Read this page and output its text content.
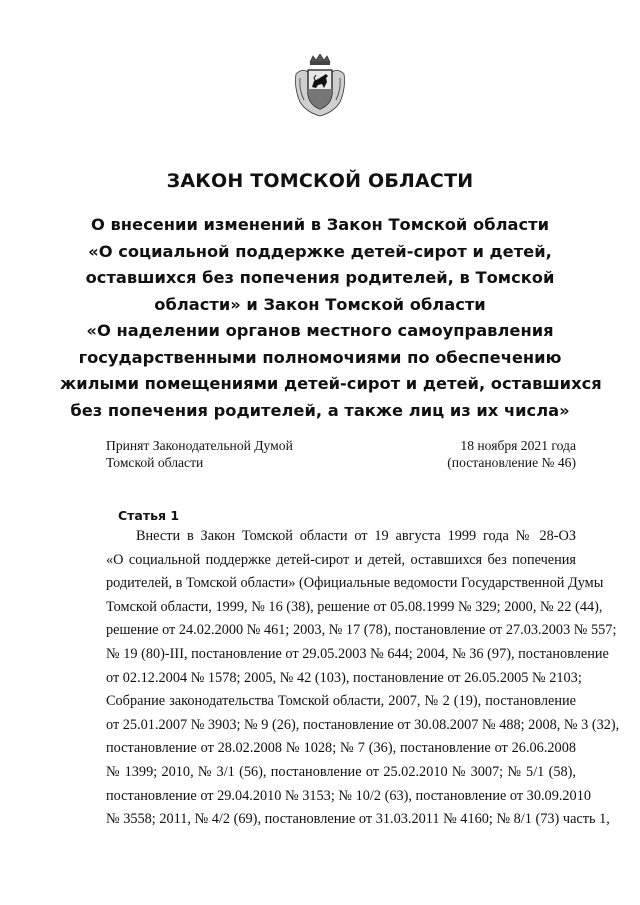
ЗАКОН ТОМСКОЙ ОБЛАСТИ
О внесении изменений в Закон Томской области
«О социальной поддержке детей-сирот и детей,
оставшихся без попечения родителей, в Томской
области» и Закон Томской области
«О наделении органов местного самоуправления
государственными полномочиями по обеспечению
жилыми помещениями детей-сирот и детей, оставшихся
без попечения родителей, а также лиц из их числа»
Принят Законодательной Думой
Томской области
18 ноября 2021 года
(постановление № 46)
Статья 1
Внести в Закон Томской области от 19 августа 1999 года № 28-ОЗ
«О социальной поддержке детей-сирот и детей, оставшихся без попечения
родителей, в Томской области» (Официальные ведомости Государственной Думы
Томской области, 1999, № 16 (38), решение от 05.08.1999 № 329; 2000, № 22 (44),
решение от 24.02.2000 № 461; 2003, № 17 (78), постановление от 27.03.2003 № 557;
№ 19 (80)-III, постановление от 29.05.2003 № 644; 2004, № 36 (97), постановление
от 02.12.2004 № 1578; 2005, № 42 (103), постановление от 26.05.2005 № 2103;
Собрание законодательства Томской области, 2007, № 2 (19), постановление
от 25.01.2007 № 3903; № 9 (26), постановление от 30.08.2007 № 488; 2008, № 3 (32),
постановление от 28.02.2008 № 1028; № 7 (36), постановление от 26.06.2008
№ 1399; 2010, № 3/1 (56), постановление от 25.02.2010 № 3007; № 5/1 (58),
постановление от 29.04.2010 № 3153; № 10/2 (63), постановление от 30.09.2010
№ 3558; 2011, № 4/2 (69), постановление от 31.03.2011 № 4160; № 8/1 (73) часть 1,
